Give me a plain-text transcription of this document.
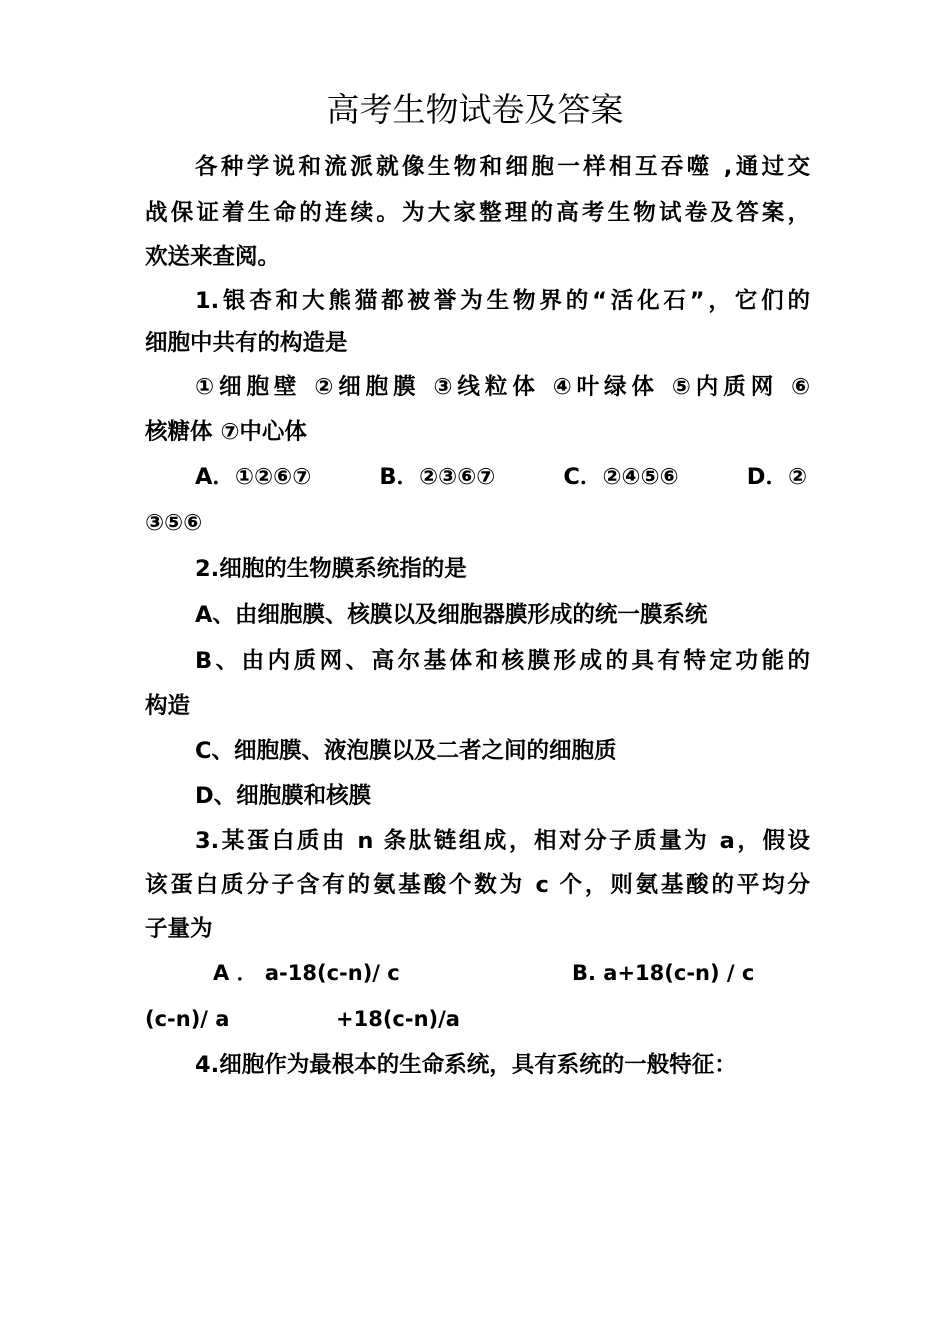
高考生物试卷及答案

各种学说和流派就像生物和细胞一样相互吞噬 ,通过交

战保证着生命的连续。为大家整理的高考生物试卷及答案，

欢送来查阅。

1.银杏和大熊猫都被誉为生物界的“活化石”，它们的

细胞中共有的构造是

①细胞壁 ②细胞膜 ③线粒体 ④叶绿体 ⑤内质网 ⑥

核糖体 ⑦中心体

A．①②⑥⑦	B．②③⑥⑦	C．②④⑤⑥	D．②

③⑤⑥

2.细胞的生物膜系统指的是

A、由细胞膜、核膜以及细胞器膜形成的统一膜系统

B、由内质网、高尔基体和核膜形成的具有特定功能的

构造

C、细胞膜、液泡膜以及二者之间的细胞质

D、细胞膜和核膜

3.某蛋白质由 n 条肽链组成，相对分子质量为 a，假设

该蛋白质分子含有的氨基酸个数为 c 个，则氨基酸的平均分

子量为

A ． a-18(c-n)/ c	B. a+18(c-n) / c
(c-n)/ a	+18(c-n)/a

4.细胞作为最根本的生命系统，具有系统的一般特征：
